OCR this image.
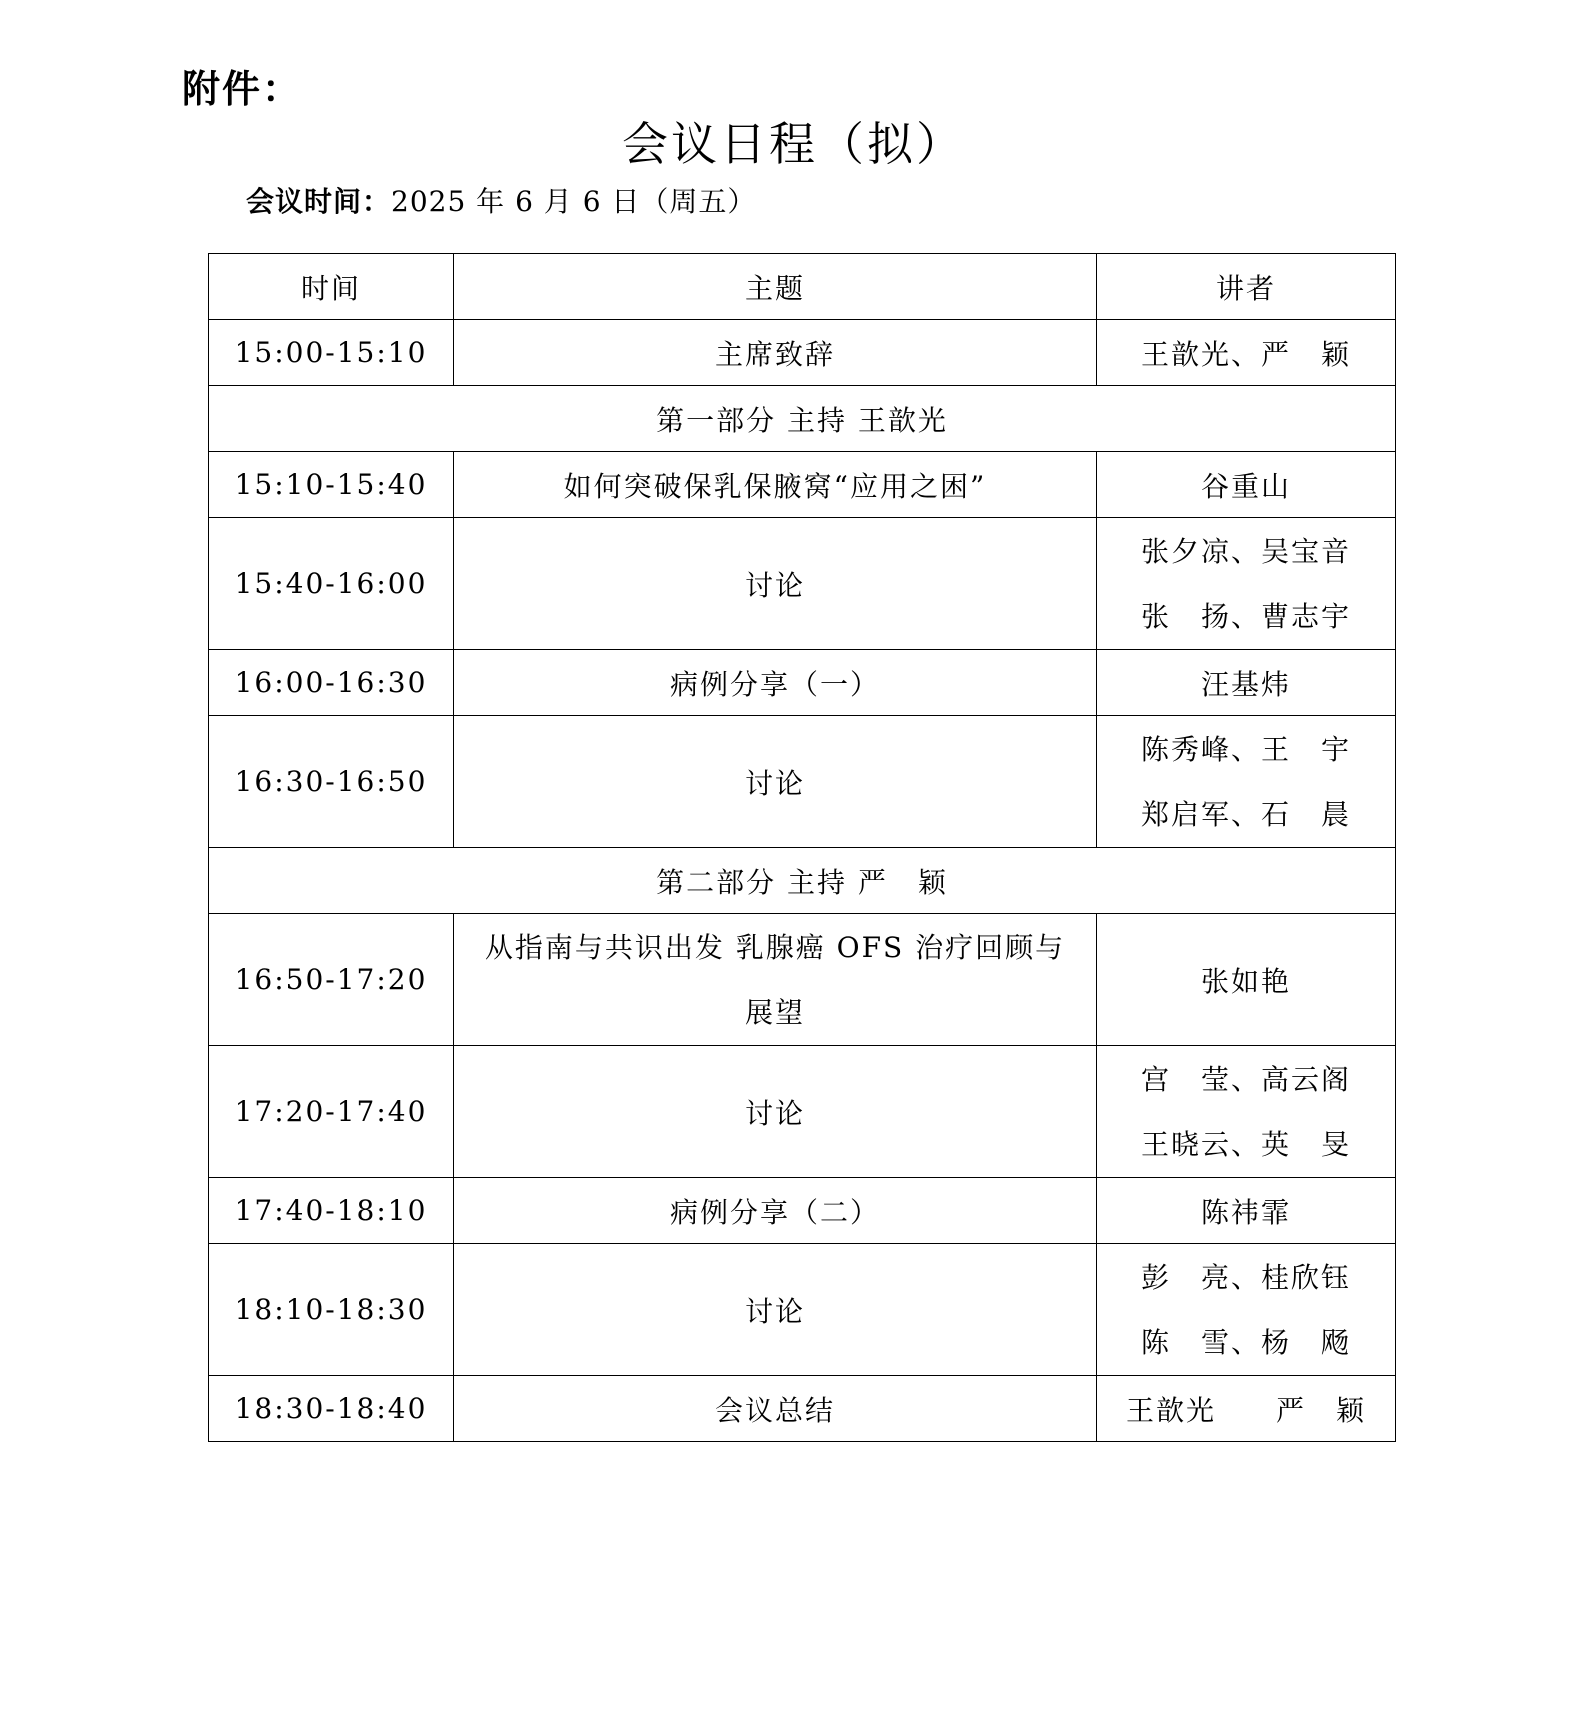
附件：
会议日程（拟）
会议时间：2025 年 6 月 6 日（周五）
时间	主题	讲者
15:00-15:10	主席致辞	王歆光、严　颖
第一部分 主持 王歆光		
15:10-15:40	如何突破保乳保腋窝“应用之困”	谷重山
15:40-16:00	讨论	张夕凉、吴宝音
张　扬、曹志宇

16:00-16:30	病例分享（一）	汪基炜
16:30-16:50	讨论	陈秀峰、王　宇
郑启军、石　晨

第二部分 主持 严　颖		
16:50-17:20	从指南与共识出发 乳腺癌 OFS 治疗回顾与
展望	张如艳
17:20-17:40	讨论	宫　莹、高云阁
王晓云、英　旻

17:40-18:10	病例分享（二）	陈祎霏
18:10-18:30	讨论	彭　亮、桂欣钰
陈　雪、杨　飏

18:30-18:40	会议总结	王歆光　　严　颖
